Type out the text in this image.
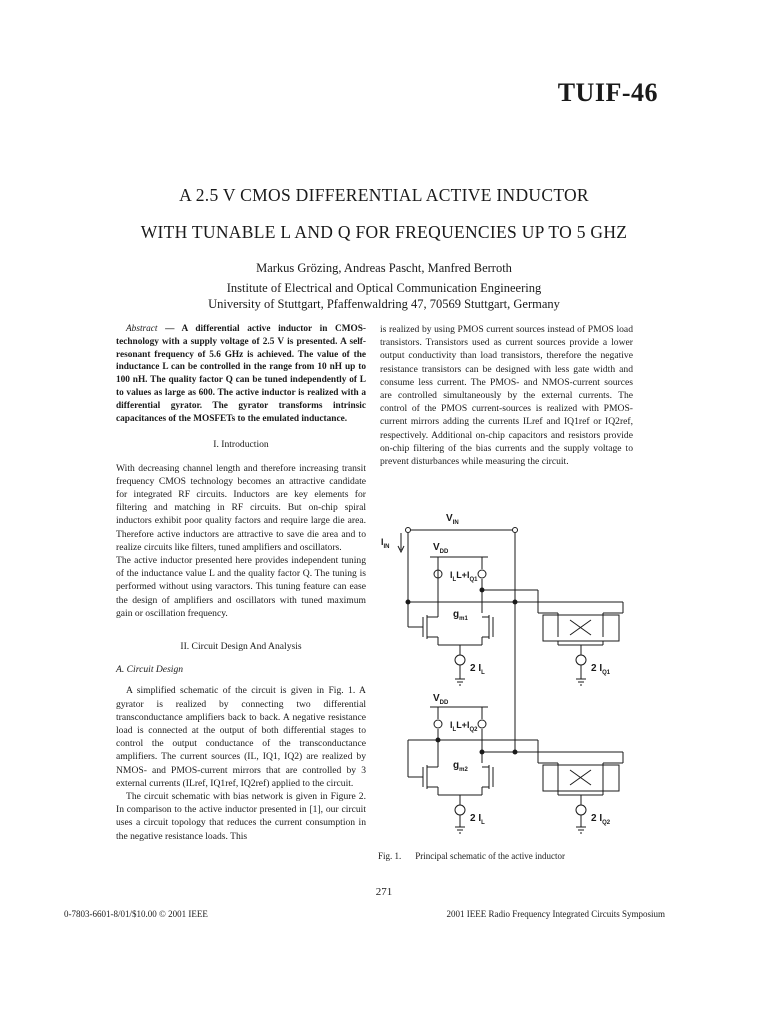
TUIF-46
A 2.5 V CMOS DIFFERENTIAL ACTIVE INDUCTOR
WITH TUNABLE L AND Q FOR FREQUENCIES UP TO 5 GHZ
Markus Grözing, Andreas Pascht, Manfred Berroth
Institute of Electrical and Optical Communication Engineering
University of Stuttgart, Pfaffenwaldring 47, 70569 Stuttgart, Germany

Abstract — A differential active inductor in CMOS-technology with a supply voltage of 2.5 V is presented. A self-resonant frequency of 5.6 GHz is achieved. The value of the inductance L can be controlled in the range from 10 nH up to 100 nH. The quality factor Q can be tuned independently of L to values as large as 600. The active inductor is realized with a differential gyrator. The gyrator transforms intrinsic capacitances of the MOSFETs to the emulated inductance.

I. Introduction

With decreasing channel length and therefore increasing transit frequency CMOS technology becomes an attractive candidate for integrated RF circuits. Inductors are key elements for filtering and matching in RF circuits. But on-chip spiral inductors exhibit poor quality factors and require large die area. Therefore active inductors are attractive to save die area and to realize circuits like filters, tuned amplifiers and oscillators.

The active inductor presented here provides independent tuning of the inductance value L and the quality factor Q. The tuning is performed without using varactors. This tuning feature can ease the design of amplifiers and oscillators with tuned maximum gain or oscillation frequency.

II. Circuit Design And Analysis

A. Circuit Design

A simplified schematic of the circuit is given in Fig. 1. A gyrator is realized by connecting two differential transconductance amplifiers back to back. A negative resistance load is connected at the output of both differential stages to control the output conductance of the transconductance amplifiers. The current sources (IL, IQ1, IQ2) are realized by NMOS- and PMOS-current mirrors that are controlled by 3 external currents (ILref, IQ1ref, IQ2ref) applied to the circuit.

The circuit schematic with bias network is given in Figure 2. In comparison to the active inductor presented in [1], our circuit uses a circuit topology that reduces the current consumption in the negative resistance loads. This

is realized by using PMOS current sources instead of PMOS load transistors. Transistors used as current sources provide a lower output conductivity than load transistors, therefore the negative resistance transistors can be designed with less gate width and consume less current. The PMOS- and NMOS-current sources are controlled simultaneously by the external currents. The control of the PMOS current-sources is realized with PMOS-current mirrors adding the currents ILref and IQ1ref or IQ2ref, respectively. Additional on-chip capacitors and resistors provide on-chip filtering of the bias currents and the supply voltage to prevent disturbances while measuring the circuit.

$V_{IN}$
$I_{IN}$	$V_{DD}$
$I_LL+I_{Q1}$
$g_{m1}$
2 $I_L$	2 $I_{Q1}$
$V_{DD}$
$I_LL+I_{Q2}$
$g_{m2}$
2 $I_L$	2 $I_{Q2}$
Fig. 1. Principal schematic of the active inductor
271
0-7803-6601-8/01/$10.00 © 2001 IEEE	2001 IEEE Radio Frequency Integrated Circuits Symposium
